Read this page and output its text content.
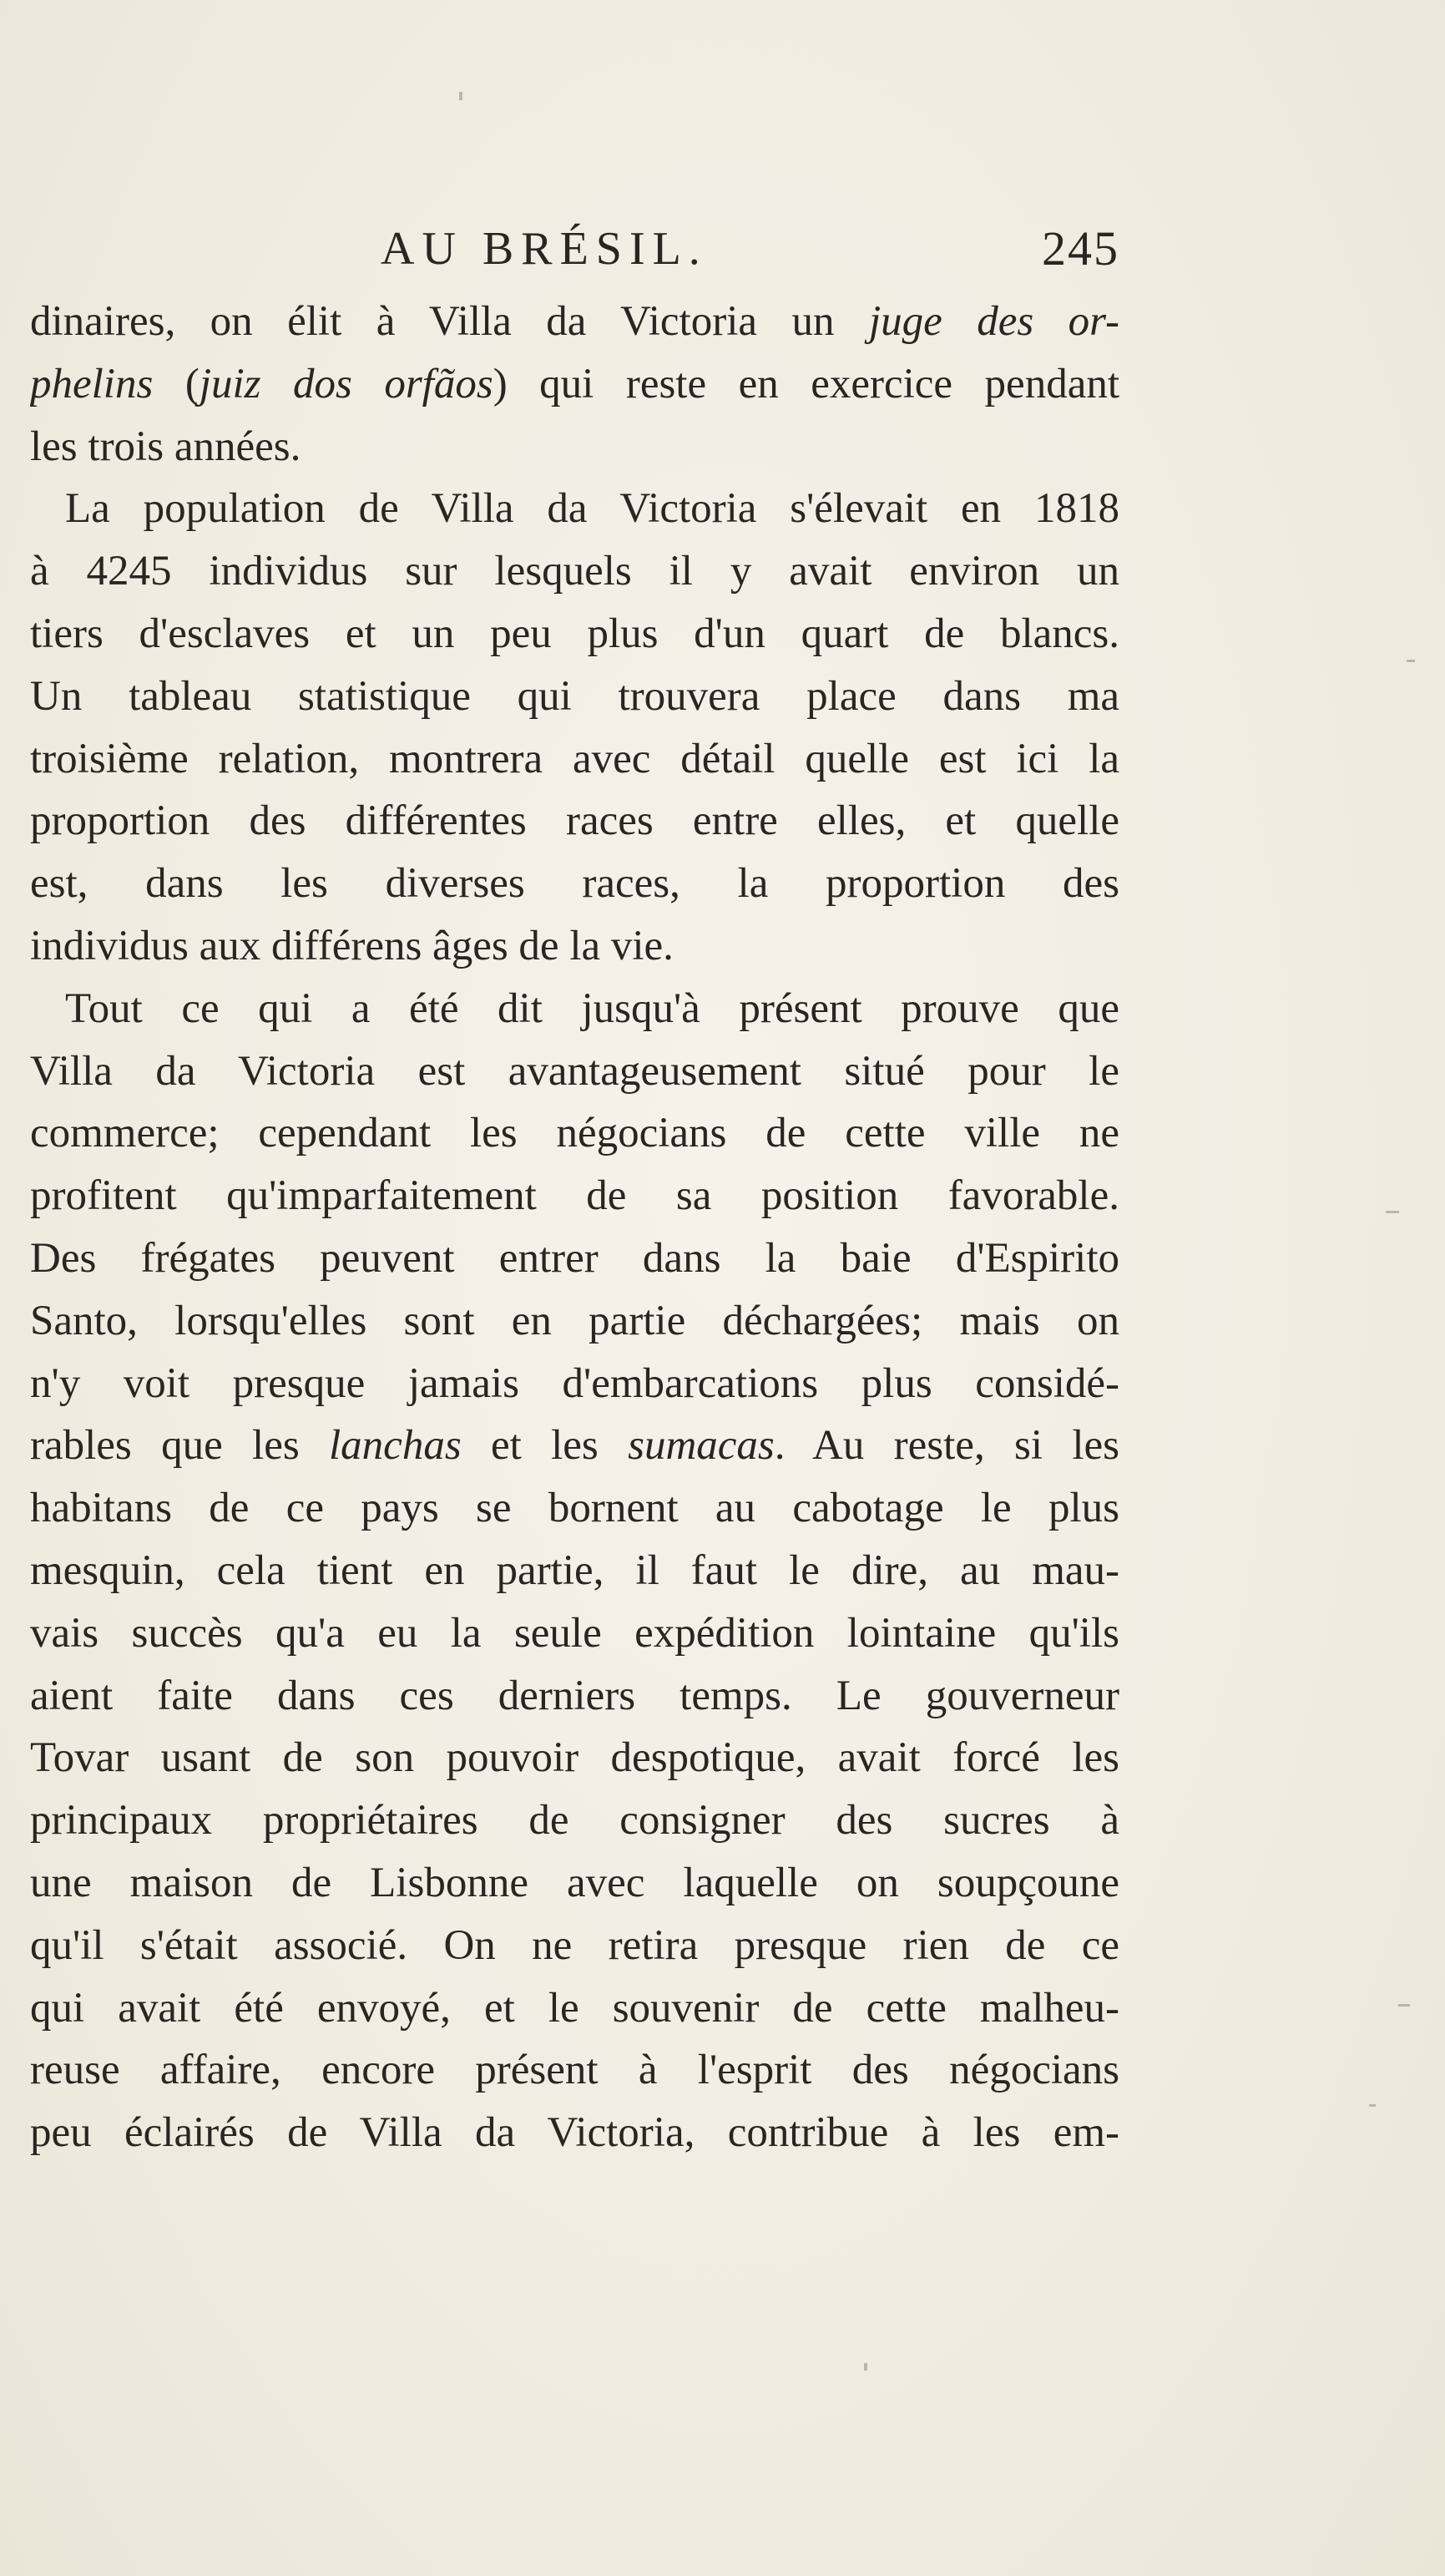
AU BRÉSIL.	245
dinaires, on élit à Villa da Victoria un juge des or-
phelins (juiz dos orfãos) qui reste en exercice pendant
les trois années.
La population de Villa da Victoria s'élevait en 1818
à 4245 individus sur lesquels il y avait environ un
tiers d'esclaves et un peu plus d'un quart de blancs.
Un tableau statistique qui trouvera place dans ma
troisième relation, montrera avec détail quelle est ici la
proportion des différentes races entre elles, et quelle
est, dans les diverses races, la proportion des
individus aux différens âges de la vie.
Tout ce qui a été dit jusqu'à présent prouve que
Villa da Victoria est avantageusement situé pour le
commerce; cependant les négocians de cette ville ne
profitent qu'imparfaitement de sa position favorable.
Des frégates peuvent entrer dans la baie d'Espirito
Santo, lorsqu'elles sont en partie déchargées; mais on
n'y voit presque jamais d'embarcations plus considé-
rables que les lanchas et les sumacas. Au reste, si les
habitans de ce pays se bornent au cabotage le plus
mesquin, cela tient en partie, il faut le dire, au mau-
vais succès qu'a eu la seule expédition lointaine qu'ils
aient faite dans ces derniers temps. Le gouverneur
Tovar usant de son pouvoir despotique, avait forcé les
principaux propriétaires de consigner des sucres à
une maison de Lisbonne avec laquelle on soupçoune
qu'il s'était associé. On ne retira presque rien de ce
qui avait été envoyé, et le souvenir de cette malheu-
reuse affaire, encore présent à l'esprit des négocians
peu éclairés de Villa da Victoria, contribue à les em-
